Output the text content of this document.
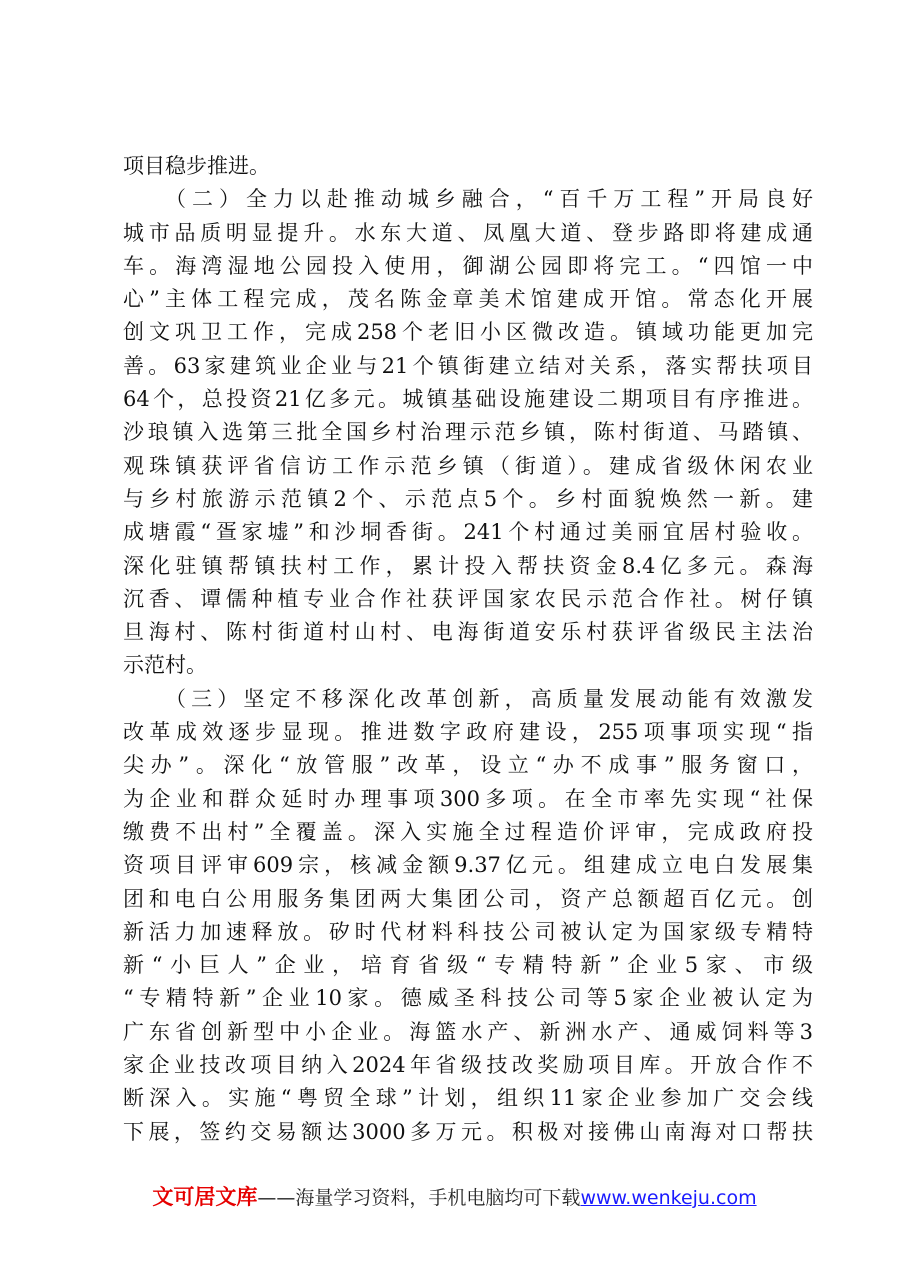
项目稳步推进。
（二）全力以赴推动城乡融合，“百千万工程”开局良好
城市品质明显提升。水东大道、凤凰大道、登步路即将建成通
车。海湾湿地公园投入使用，御湖公园即将完工。“四馆一中
心”主体工程完成，茂名陈金章美术馆建成开馆。常态化开展
创文巩卫工作，完成258个老旧小区微改造。镇域功能更加完
善。63家建筑业企业与21个镇街建立结对关系，落实帮扶项目
64个，总投资21亿多元。城镇基础设施建设二期项目有序推进。
沙琅镇入选第三批全国乡村治理示范乡镇，陈村街道、马踏镇、
观珠镇获评省信访工作示范乡镇（街道）。建成省级休闲农业
与乡村旅游示范镇2个、示范点5个。乡村面貌焕然一新。建
成塘霞“疍家墟”和沙垌香街。241个村通过美丽宜居村验收。
深化驻镇帮镇扶村工作，累计投入帮扶资金8.4亿多元。森海
沉香、谭儒种植专业合作社获评国家农民示范合作社。树仔镇
旦海村、陈村街道村山村、电海街道安乐村获评省级民主法治
示范村。
（三）坚定不移深化改革创新，高质量发展动能有效激发
改革成效逐步显现。推进数字政府建设，255项事项实现“指
尖办”。深化“放管服”改革，设立“办不成事”服务窗口，
为企业和群众延时办理事项300多项。在全市率先实现“社保
缴费不出村”全覆盖。深入实施全过程造价评审，完成政府投
资项目评审609宗，核减金额9.37亿元。组建成立电白发展集
团和电白公用服务集团两大集团公司，资产总额超百亿元。创
新活力加速释放。矽时代材料科技公司被认定为国家级专精特
新“小巨人”企业，培育省级“专精特新”企业5家、市级
“专精特新”企业10家。德威圣科技公司等5家企业被认定为
广东省创新型中小企业。海篮水产、新洲水产、通威饲料等3
家企业技改项目纳入2024年省级技改奖励项目库。开放合作不
断深入。实施“粤贸全球”计划，组织11家企业参加广交会线
下展，签约交易额达3000多万元。积极对接佛山南海对口帮扶
文可居文库——海量学习资料，手机电脑均可下载www.wenkeju.com
